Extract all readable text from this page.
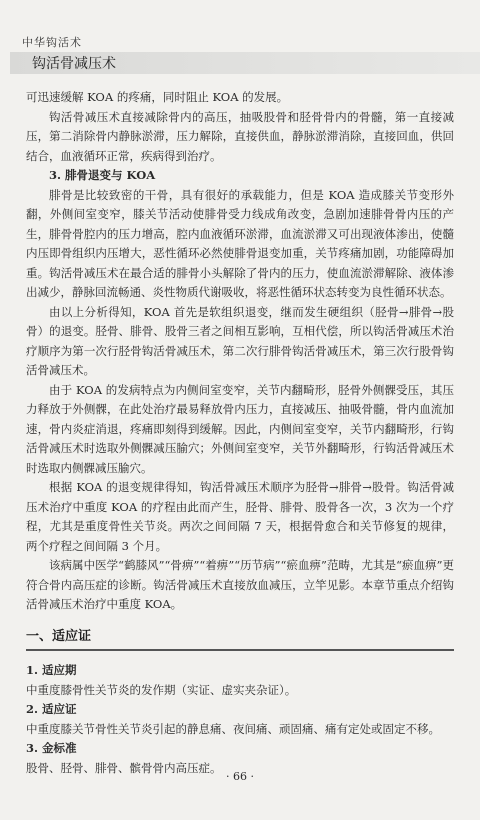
中华钩活术
钩活骨减压术

可迅速缓解 KOA 的疼痛，同时阻止 KOA 的发展。

钩活骨减压术直接减除骨内的高压，抽吸股骨和胫骨骨内的骨髓，第一直接减压，第二消除骨内静脉淤滞，压力解除，直接供血，静脉淤滞消除，直接回血，供回结合，血液循环正常，疾病得到治疗。

3. 腓骨退变与 KOA

腓骨是比较致密的干骨，具有很好的承载能力，但是 KOA 造成膝关节变形外翻，外侧间室变窄，膝关节活动使腓骨受力线成角改变，急剧加速腓骨骨内压的产生，腓骨骨腔内的压力增高，腔内血液循环淤滞，血流淤滞又可出现液体渗出，使髓内压即骨组织内压增大，恶性循环必然使腓骨退变加重，关节疼痛加剧，功能障碍加重。钩活骨减压术在最合适的腓骨小头解除了骨内的压力，使血流淤滞解除、液体渗出减少，静脉回流畅通、炎性物质代谢吸收，将恶性循环状态转变为良性循环状态。

由以上分析得知，KOA 首先是软组织退变，继而发生硬组织（胫骨→腓骨→股骨）的退变。胫骨、腓骨、股骨三者之间相互影响，互相代偿，所以钩活骨减压术治疗顺序为第一次行胫骨钩活骨减压术，第二次行腓骨钩活骨减压术，第三次行股骨钩活骨减压术。

由于 KOA 的发病特点为内侧间室变窄，关节内翻畸形，胫骨外侧髁受压，其压力释放于外侧髁，在此处治疗最易释放骨内压力，直接减压、抽吸骨髓，骨内血流加速，骨内炎症消退，疼痛即刻得到缓解。因此，内侧间室变窄，关节内翻畸形，行钩活骨减压术时选取外侧髁减压腧穴；外侧间室变窄，关节外翻畸形，行钩活骨减压术时选取内侧髁减压腧穴。

根据 KOA 的退变规律得知，钩活骨减压术顺序为胫骨→腓骨→股骨。钩活骨减压术治疗中重度 KOA 的疗程由此而产生，胫骨、腓骨、股骨各一次，3 次为一个疗程，尤其是重度骨性关节炎。两次之间间隔 7 天，根据骨愈合和关节修复的规律，两个疗程之间间隔 3 个月。

该病属中医学“鹤膝风”“骨痹”“着痹”“历节病”“瘀血痹”范畴，尤其是“瘀血痹”更符合骨内高压症的诊断。钩活骨减压术直接放血减压，立竿见影。本章节重点介绍钩活骨减压术治疗中重度 KOA。

一、适应证

1. 适应期

中重度膝骨性关节炎的发作期（实证、虚实夹杂证）。

2. 适应证

中重度膝关节骨性关节炎引起的静息痛、夜间痛、顽固痛、痛有定处或固定不移。

3. 金标准

股骨、胫骨、腓骨、髌骨骨内高压症。

· 66 ·
